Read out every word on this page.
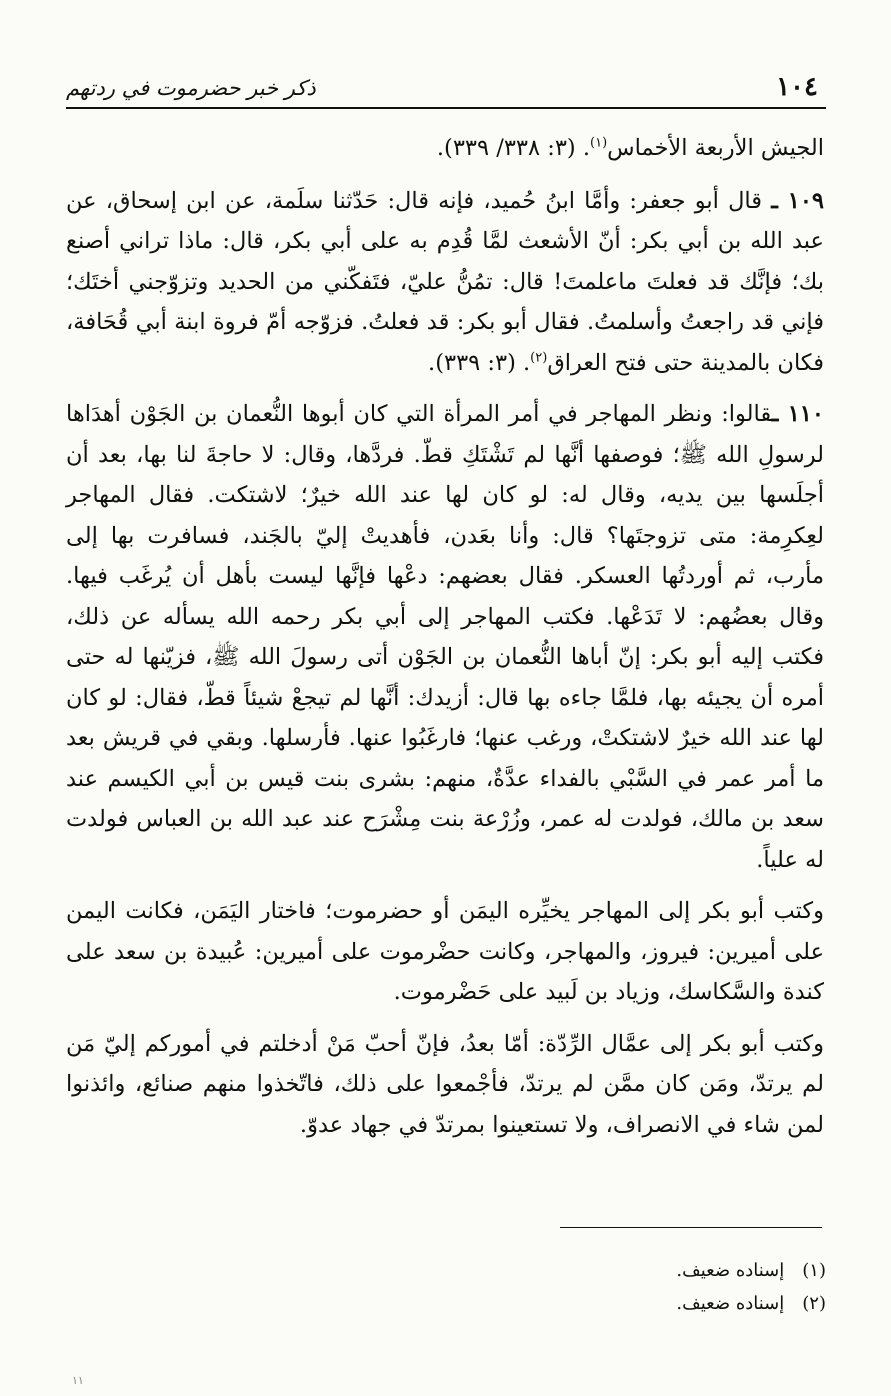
١٠٤
ذكر خبر حضرموت في ردتهم

الجيش الأربعة الأخماس$^{(١)}$. (٣: ٣٣٨/ ٣٣٩).

١٠٩ ـ قال أبو جعفر: وأمَّا ابنُ حُميد، فإنه قال: حَدّثنا سلَمة، عن ابن إسحاق، عن عبد الله بن أبي بكر: أنّ الأشعث لمَّا قُدِم به على أبي بكر، قال: ماذا تراني أصنع بك؛ فإنَّك قد فعلتَ ماعلمتَ! قال: تمُنُّ عليّ، فتَفكّني من الحديد وتزوّجني أختَك؛ فإني قد راجعتُ وأسلمتُ. فقال أبو بكر: قد فعلتُ. فزوّجه أمّ فروة ابنة أبي قُحَافة، فكان بالمدينة حتى فتح العراق$^{(٢)}$. (٣: ٣٣٩).

١١٠ ـقالوا: ونظر المهاجر في أمر المرأة التي كان أبوها النُّعمان بن الجَوْن أهدَاها لرسولِ الله ﷺ؛ فوصفها أنَّها لم تَشْتَكِ قطّ. فردَّها، وقال: لا حاجةَ لنا بها، بعد أن أجلَسها بين يديه، وقال له: لو كان لها عند الله خيرٌ؛ لاشتكت. فقال المهاجر لعِكرِمة: متى تزوجتَها؟ قال: وأنا بعَدن، فأهديتْ إليّ بالجَند، فسافرت بها إلى مأرب، ثم أوردتُها العسكر. فقال بعضهم: دعْها فإنَّها ليست بأهل أن يُرغَب فيها. وقال بعضُهم: لا تَدَعْها. فكتب المهاجر إلى أبي بكر رحمه الله يسأله عن ذلك، فكتب إليه أبو بكر: إنّ أباها النُّعمان بن الجَوْن أتى رسولَ الله ﷺ، فزيّنها له حتى أمره أن يجيئه بها، فلمَّا جاءه بها قال: أزيدك: أنَّها لم تيجعْ شيئاً قطّ، فقال: لو كان لها عند الله خيرٌ لاشتكتْ، ورغب عنها؛ فارغَبُوا عنها. فأرسلها. وبقي في قريش بعد ما أمر عمر في السَّبْي بالفداء عدَّةٌ، منهم: بشرى بنت قيس بن أبي الكيسم عند سعد بن مالك، فولدت له عمر، وزُرْعة بنت مِشْرَح عند عبد الله بن العباس فولدت له علياً.

وكتب أبو بكر إلى المهاجر يخيِّره اليمَن أو حضرموت؛ فاختار اليَمَن، فكانت اليمن على أميرين: فيروز، والمهاجر، وكانت حضْرموت على أميرين: عُبيدة بن سعد على كندة والسَّكاسك، وزياد بن لَبيد على حَضْرموت.

وكتب أبو بكر إلى عمَّال الرِّدّة: أمّا بعدُ، فإنّ أحبّ مَنْ أدخلتم في أموركم إليّ مَن لم يرتدّ، ومَن كان ممَّن لم يرتدّ، فأجْمعوا على ذلك، فاتّخذوا منهم صنائع، وائذنوا لمن شاء في الانصراف، ولا تستعينوا بمرتدّ في جهاد عدوّ.

(١) إسناده ضعيف.
(٢) إسناده ضعيف.
١١
